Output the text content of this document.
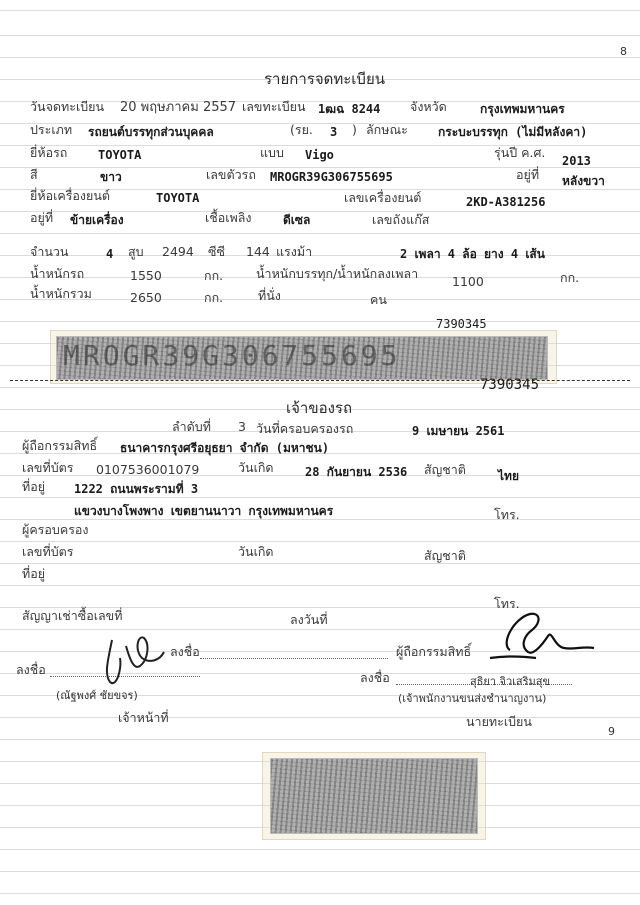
8
รายการจดทะเบียน
วันจดทะเบียน 20 พฤษภาคม 2557 เลขทะเบียน 1ฒฉ 8244 จังหวัด	กรุงเทพมหานคร
ประเภท รถยนต์บรรทุกส่วนบุคคล	(รย. 3 ) ลักษณะ	กระบะบรรทุก (ไม่มีหลังคา)
ยี่ห้อรถ	TOYOTA	แบบ Vigo	รุ่นปี ค.ศ.
2013
สี	ขาว	เลขตัวรถ MROGR39G306755695	อยู่ที่ หลังขวา
ยี่ห้อเครื่องยนต์	TOYOTA	เลขเครื่องยนต์	2KD-A381256
อยู่ที่ ข้ายเครื่อง	เชื้อเพลิง	ดีเซล	เลขถังแก๊ส
จำนวน	4 สูบ 2494 ซีซี 144 แรงม้า	2 เพลา 4 ล้อ ยาง 4 เส้น
น้ำหนักรถ	1550	กก.	น้ำหนักบรรทุก/น้ำหนักลงเพลา
1100	กก.
น้ำหนักรวม	2650	กก.	ที่นั่ง	คน
7390345
MROGR39G306755695
7390345
เจ้าของรถ
ลำดับที่ 3 วันที่ครอบครองรถ	9 เมษายน 2561
ผู้ถือกรรมสิทธิ์ ธนาคารกรุงศรีอยุธยา จำกัด (มหาชน)
เลขที่บัตร 0107536001079	วันเกิด	28 กันยายน 2536 สัญชาติ	ไทย
ที่อยู่ 1222 ถนนพระรามที่ 3
แขวงบางโพงพาง เขตยานนาวา กรุงเทพมหานคร	โทร.
ผู้ครอบครอง
เลขที่บัตร	วันเกิด	สัญชาติ
ที่อยู่
โทร.
สัญญาเช่าซื้อเลขที่	ลงวันที่
ลงชื่อ	ผู้ถือกรรมสิทธิ์
ลงชื่อ
ลงชื่อ
(ณัฐพงศ์ ชัยขจร)
สุธิยา จิวเสริมสุข
(เจ้าพนักงานขนส่งชำนาญงาน)
เจ้าหน้าที่	นายทะเบียน
9
